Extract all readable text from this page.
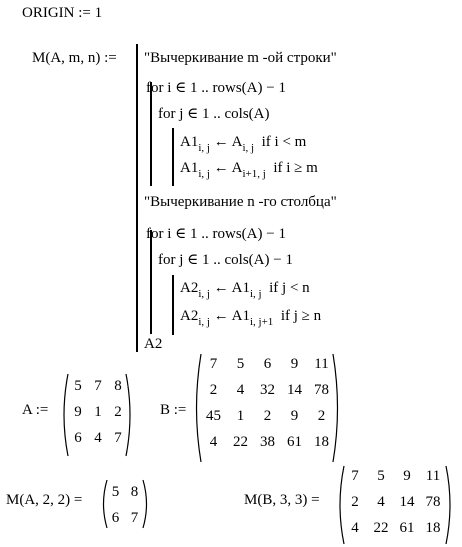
ORIGIN := 1
M(A, m, n) := "Вычеркивание m -ой строки"
for i ∈ 1 .. rows(A) − 1
for j ∈ 1 .. cols(A)
$A1_{i, j}$ ← $A_{i, j}$ if i < m
$A1_{i, j}$ ← $A_{i+1, j}$ if i ≥ m
"Вычеркивание n -го столбца"
for i ∈ 1 .. rows(A) − 1
for j ∈ 1 .. cols(A) − 1
$A2_{i, j}$ ← $A1_{i, j}$ if j < n
$A2_{i, j}$ ← $A1_{i, j+1}$ if j ≥ n
A2
A :=
5 7 8
9 1 2
6 4 7
B :=
7	5	6	9	11
2	4	32 14 78
45	1	2	9	2
4	22 38 61 18
M(A, 2, 2) =	5 8
6 7
M(B, 3, 3) =
7	5	9	11
2	4 14 78
4 22 61 18
